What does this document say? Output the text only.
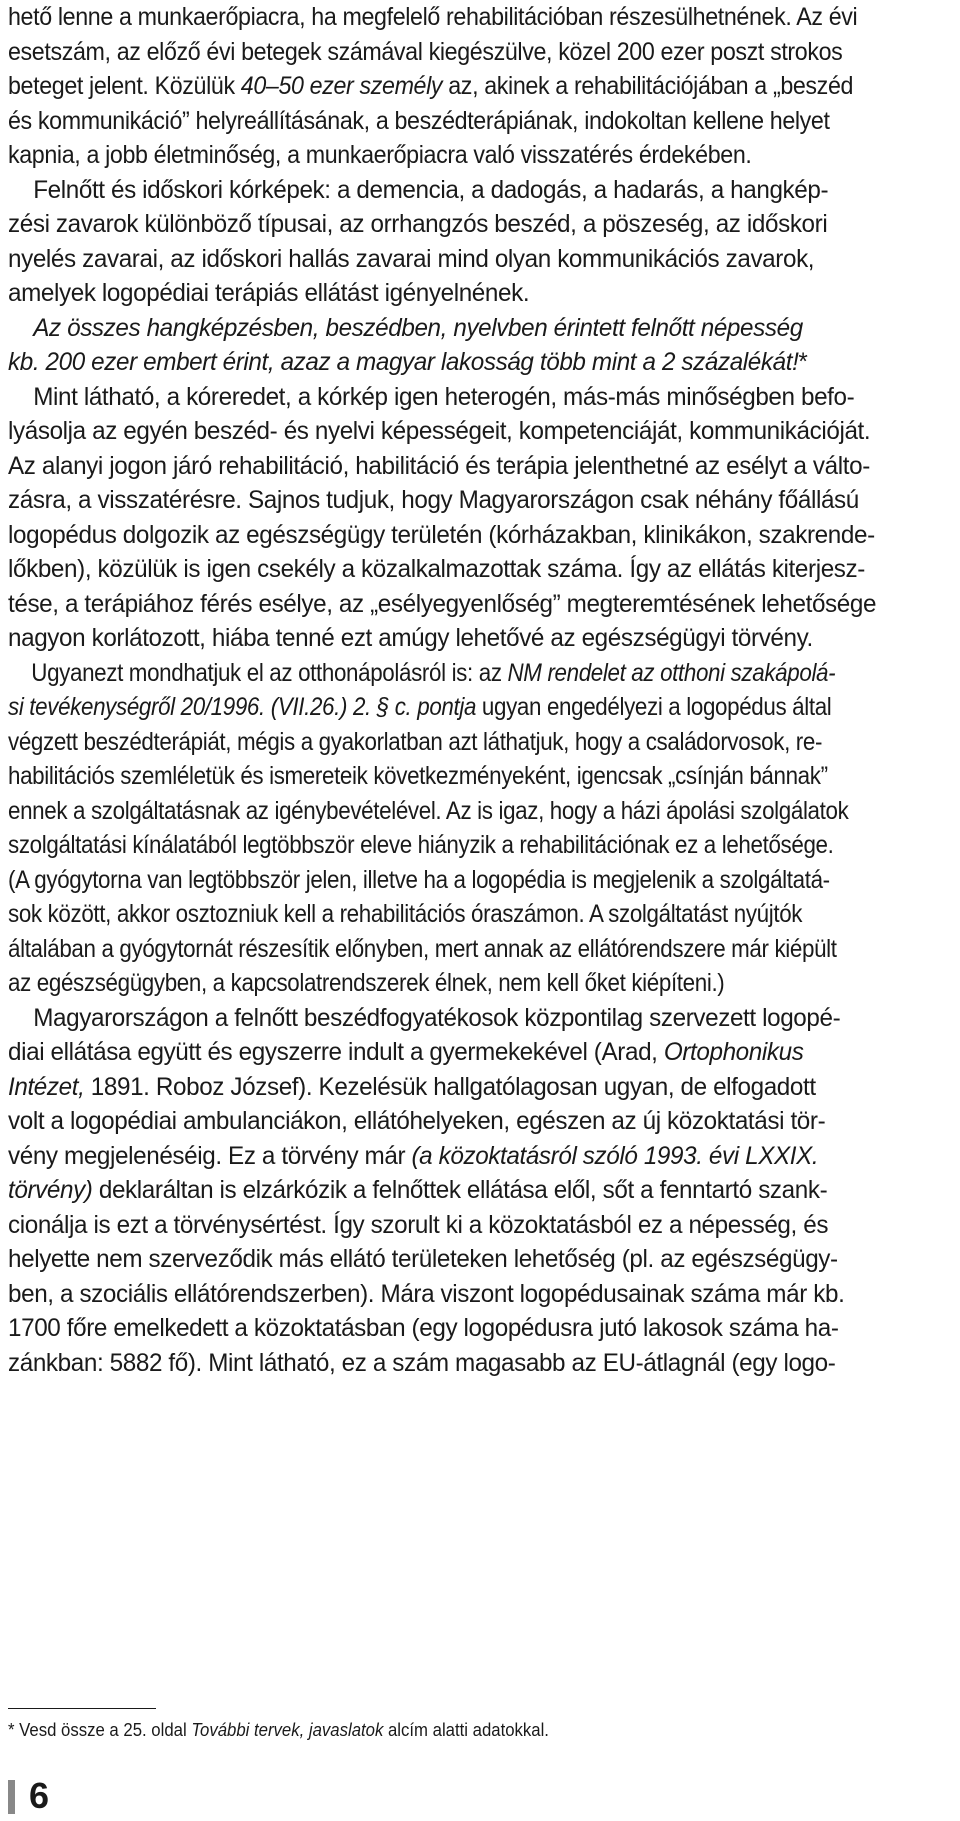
hető lenne a munkaerőpiacra, ha megfelelő rehabilitációban részesülhetnének. Az évi
esetszám, az előző évi betegek számával kiegészülve, közel 200 ezer poszt strokos
beteget jelent. Közülük 40–50 ezer személy az, akinek a rehabilitációjában a „beszéd
és kommunikáció” helyreállításának, a beszédterápiának, indokoltan kellene helyet
kapnia, a jobb életminőség, a munkaerőpiacra való visszatérés érdekében.
Felnőtt és időskori kórképek: a demencia, a dadogás, a hadarás, a hangkép-
zési zavarok különböző típusai, az orrhangzós beszéd, a pöszeség, az időskori
nyelés zavarai, az időskori hallás zavarai mind olyan kommunikációs zavarok,
amelyek logopédiai terápiás ellátást igényelnének.
Az összes hangképzésben, beszédben, nyelvben érintett felnőtt népesség
kb. 200 ezer embert érint, azaz a magyar lakosság több mint a 2 százalékát!*
Mint látható, a kóreredet, a kórkép igen heterogén, más-más minőségben befo-
lyásolja az egyén beszéd- és nyelvi képességeit, kompetenciáját, kommunikációját.
Az alanyi jogon járó rehabilitáció, habilitáció és terápia jelenthetné az esélyt a válto-
zásra, a visszatérésre. Sajnos tudjuk, hogy Magyarországon csak néhány főállású
logopédus dolgozik az egészségügy területén (kórházakban, klinikákon, szakrende-
lőkben), közülük is igen csekély a közalkalmazottak száma. Így az ellátás kiterjesz-
tése, a terápiához férés esélye, az „esélyegyenlőség” megteremtésének lehetősége
nagyon korlátozott, hiába tenné ezt amúgy lehetővé az egészségügyi törvény.
Ugyanezt mondhatjuk el az otthonápolásról is: az NM rendelet az otthoni szakápolá-
si tevékenységről 20/1996. (VII.26.) 2. § c. pontja ugyan engedélyezi a logopédus által
végzett beszédterápiát, mégis a gyakorlatban azt láthatjuk, hogy a családorvosok, re-
habilitációs szemléletük és ismereteik következményeként, igencsak „csínján bánnak”
ennek a szolgáltatásnak az igénybevételével. Az is igaz, hogy a házi ápolási szolgálatok
szolgáltatási kínálatából legtöbbször eleve hiányzik a rehabilitációnak ez a lehetősége.
(A gyógytorna van legtöbbször jelen, illetve ha a logopédia is megjelenik a szolgáltatá-
sok között, akkor osztozniuk kell a rehabilitációs óraszámon. A szolgáltatást nyújtók
általában a gyógytornát részesítik előnyben, mert annak az ellátórendszere már kiépült
az egészségügyben, a kapcsolatrendszerek élnek, nem kell őket kiépíteni.)
Magyarországon a felnőtt beszédfogyatékosok központilag szervezett logopé-
diai ellátása együtt és egyszerre indult a gyermekekével (Arad, Ortophonikus
Intézet, 1891. Roboz József). Kezelésük hallgatólagosan ugyan, de elfogadott
volt a logopédiai ambulanciákon, ellátóhelyeken, egészen az új közoktatási tör-
vény megjelenéséig. Ez a törvény már (a közoktatásról szóló 1993. évi LXXIX.
törvény) deklaráltan is elzárkózik a felnőttek ellátása elől, sőt a fenntartó szank-
cionálja is ezt a törvénysértést. Így szorult ki a közoktatásból ez a népesség, és
helyette nem szerveződik más ellátó területeken lehetőség (pl. az egészségügy-
ben, a szociális ellátórendszerben). Mára viszont logopédusainak száma már kb.
1700 főre emelkedett a közoktatásban (egy logopédusra jutó lakosok száma ha-
zánkban: 5882 fő). Mint látható, ez a szám magasabb az EU-átlagnál (egy logo-
* Vesd össze a 25. oldal További tervek, javaslatok alcím alatti adatokkal.
6
